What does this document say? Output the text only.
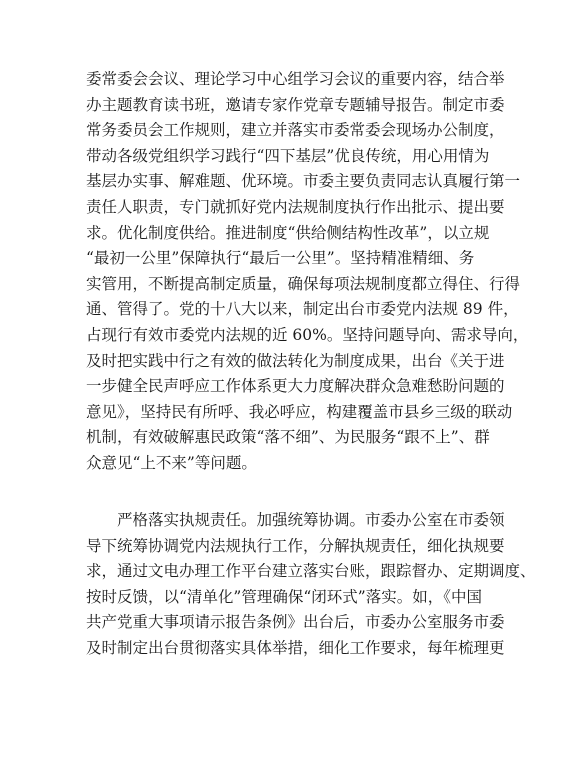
委常委会会议、理论学习中心组学习会议的重要内容，结合举
办主题教育读书班，邀请专家作党章专题辅导报告。制定市委
常务委员会工作规则，建立并落实市委常委会现场办公制度，
带动各级党组织学习践行“四下基层”优良传统，用心用情为
基层办实事、解难题、优环境。市委主要负责同志认真履行第一
责任人职责，专门就抓好党内法规制度执行作出批示、提出要
求。优化制度供给。推进制度“供给侧结构性改革”，以立规
“最初一公里”保障执行“最后一公里”。坚持精准精细、务
实管用，不断提高制定质量，确保每项法规制度都立得住、行得
通、管得了。党的十八大以来，制定出台市委党内法规 89 件，
占现行有效市委党内法规的近 60%。坚持问题导向、需求导向，
及时把实践中行之有效的做法转化为制度成果，出台《关于进
一步健全民声呼应工作体系更大力度解决群众急难愁盼问题的
意见》，坚持民有所呼、我必呼应，构建覆盖市县乡三级的联动
机制，有效破解惠民政策“落不细”、为民服务“跟不上”、群
众意见“上不来”等问题。
严格落实执规责任。加强统筹协调。市委办公室在市委领
导下统筹协调党内法规执行工作，分解执规责任，细化执规要
求，通过文电办理工作平台建立落实台账，跟踪督办、定期调度、
按时反馈，以“清单化”管理确保“闭环式”落实。如，《中国
共产党重大事项请示报告条例》出台后，市委办公室服务市委
及时制定出台贯彻落实具体举措，细化工作要求，每年梳理更
